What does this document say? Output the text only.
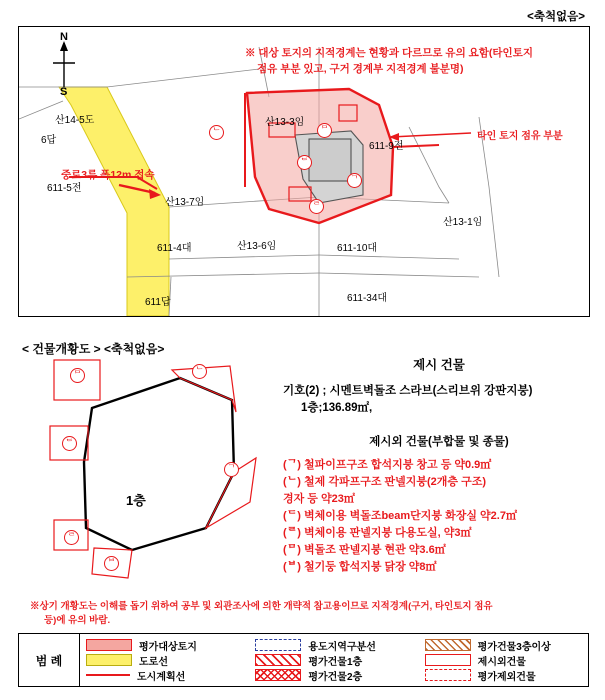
<축척없음>
N
S
※ 대상 토지의 지적경계는 현황과 다르므로 유의 요함(타인토지
점유 부분 있고, 구거 경계부 지적경계 불분명)
중로3류 폭12m 접속
타인 토지 점유 부분
산14-5도
6답
611-5전
산13-7임
611-4대	산13-6임
611답
산13-3임
611-9전
611-10대
611-34대
산13-1임
ᄂ
ᄃ
ᄀ
ᄅ
ᄆ
< 건물개황도 > <축척없음>
ᄆ	ᄂ
ᄃ
ᄀ
ᄅ
ᄇ
1층
제시 건물
기호(2) ; 시멘트벽돌조 스라브(스리브위 강판지붕)
1층;136.89㎡,
제시외 건물(부합물 및 종물)
(ᄀ) 철파이프구조 합석지붕 창고 등 약0.9㎡
(ᄂ) 철제 각파프구조 판넬지붕(2개층 구조)
경자 등 약23㎡
(ᄃ) 벽체이용 벽돌조beam단지붕 화장실 약2.7㎡
(ᄅ) 벽체이용 판넬지붕 다용도실, 약3㎡
(ᄆ) 벽돌조 판넬지붕 현관 약3.6㎡
(ᄇ) 철기둥 합석지붕 닭장 약8㎡
※상기 개황도는 이해를 돕기 위하여 공부 및 외관조사에 의한 개략적 참고용이므로 지적경계(구거, 타인토지 점유
등)에 유의 바람.
범 례
평가대상토지
도로선
도시계획선
용도지역구분선
평가건물1층
평가건물2층
평가건물3층이상
제시외건물
평가제외건물
